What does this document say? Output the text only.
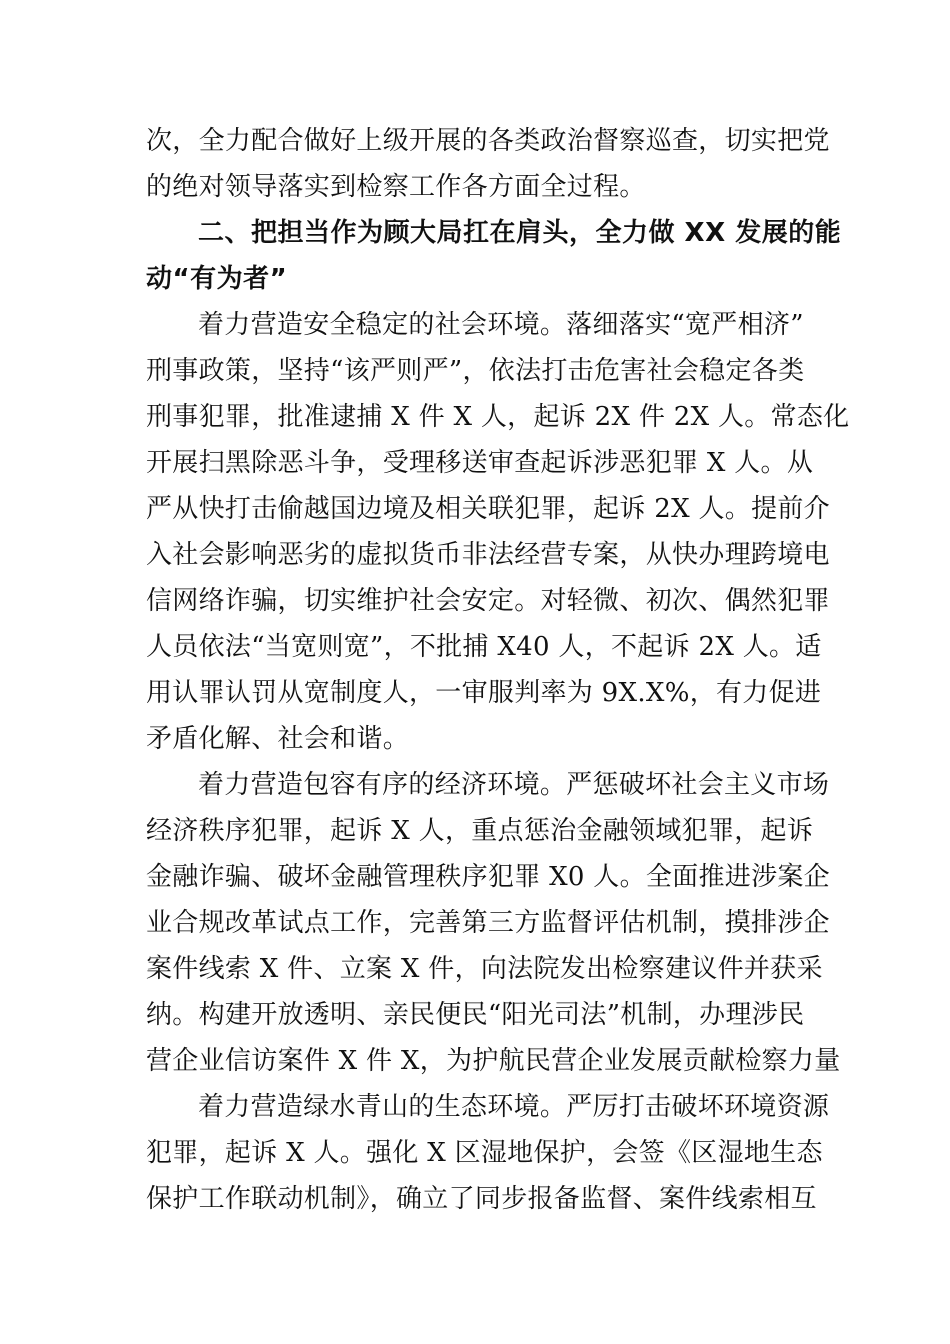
次，全力配合做好上级开展的各类政治督察巡查，切实把党
的绝对领导落实到检察工作各方面全过程。
二、把担当作为顾大局扛在肩头，全力做 XX 发展的能
动“有为者”
着力营造安全稳定的社会环境。落细落实“宽严相济”
刑事政策，坚持“该严则严”，依法打击危害社会稳定各类
刑事犯罪，批准逮捕 X 件 X 人，起诉 2X 件 2X 人。常态化
开展扫黑除恶斗争，受理移送审查起诉涉恶犯罪 X 人。从
严从快打击偷越国边境及相关联犯罪，起诉 2X 人。提前介
入社会影响恶劣的虚拟货币非法经营专案，从快办理跨境电
信网络诈骗，切实维护社会安定。对轻微、初次、偶然犯罪
人员依法“当宽则宽”，不批捕 X40 人，不起诉 2X 人。适
用认罪认罚从宽制度人，一审服判率为 9X.X%，有力促进
矛盾化解、社会和谐。
着力营造包容有序的经济环境。严惩破坏社会主义市场
经济秩序犯罪，起诉 X 人，重点惩治金融领域犯罪，起诉
金融诈骗、破坏金融管理秩序犯罪 X0 人。全面推进涉案企
业合规改革试点工作，完善第三方监督评估机制，摸排涉企
案件线索 X 件、立案 X 件，向法院发出检察建议件并获采
纳。构建开放透明、亲民便民“阳光司法”机制，办理涉民
营企业信访案件 X 件 X，为护航民营企业发展贡献检察力量
着力营造绿水青山的生态环境。严厉打击破坏环境资源
犯罪，起诉 X 人。强化 X 区湿地保护，会签《区湿地生态
保护工作联动机制》，确立了同步报备监督、案件线索相互
